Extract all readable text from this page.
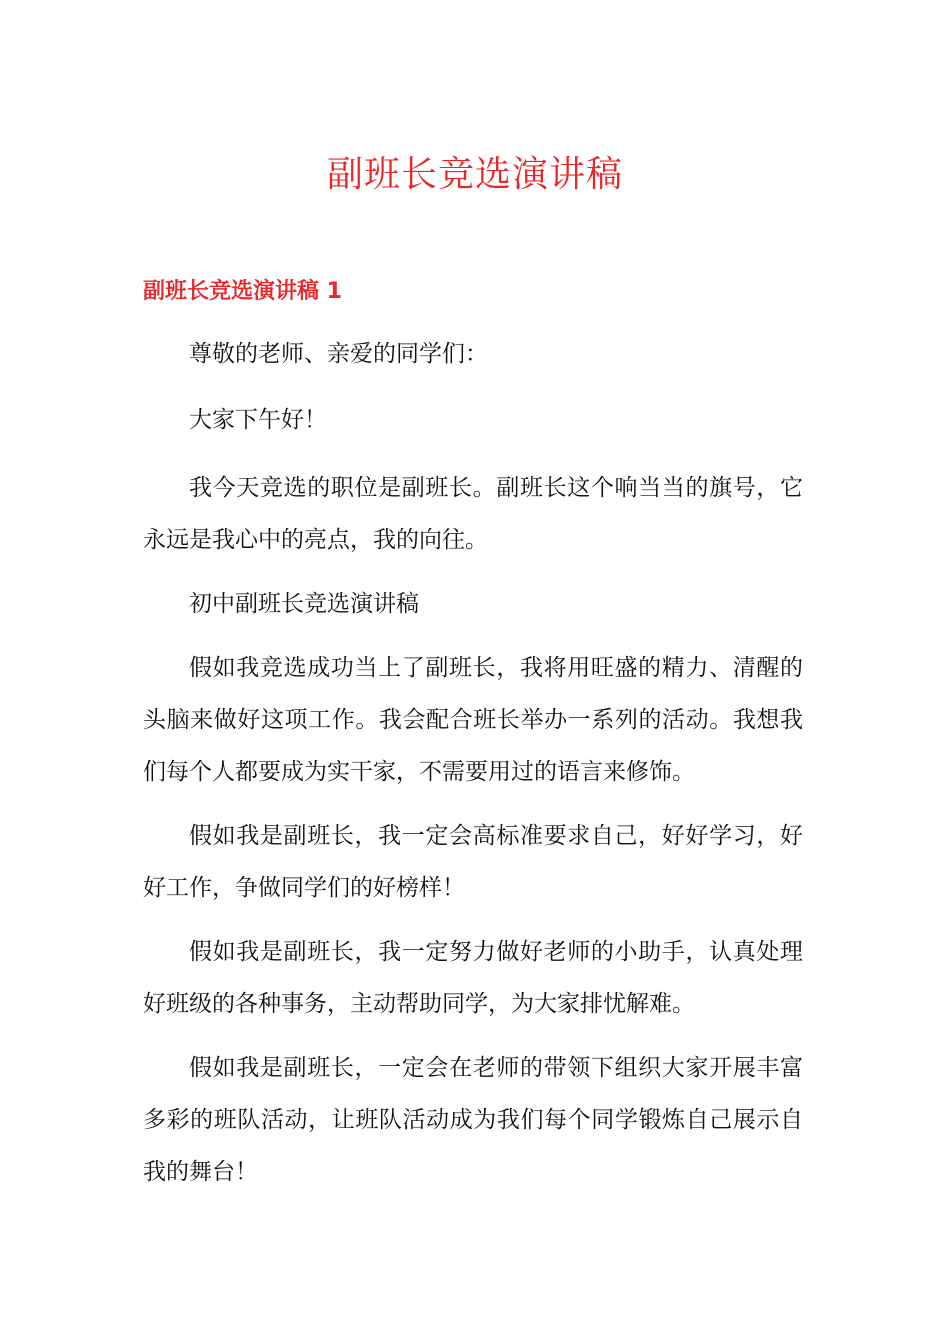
副班长竞选演讲稿
副班长竞选演讲稿 1

尊敬的老师、亲爱的同学们：

大家下午好！

我今天竞选的职位是副班长。副班长这个响当当的旗号，它永远是我心中的亮点，我的向往。

初中副班长竞选演讲稿

假如我竞选成功当上了副班长，我将用旺盛的精力、清醒的头脑来做好这项工作。我会配合班长举办一系列的活动。我想我们每个人都要成为实干家，不需要用过的语言来修饰。

假如我是副班长，我一定会高标准要求自己，好好学习，好好工作，争做同学们的好榜样！

假如我是副班长，我一定努力做好老师的小助手，认真处理好班级的各种事务，主动帮助同学，为大家排忧解难。

假如我是副班长，一定会在老师的带领下组织大家开展丰富多彩的班队活动，让班队活动成为我们每个同学锻炼自己展示自我的舞台！
